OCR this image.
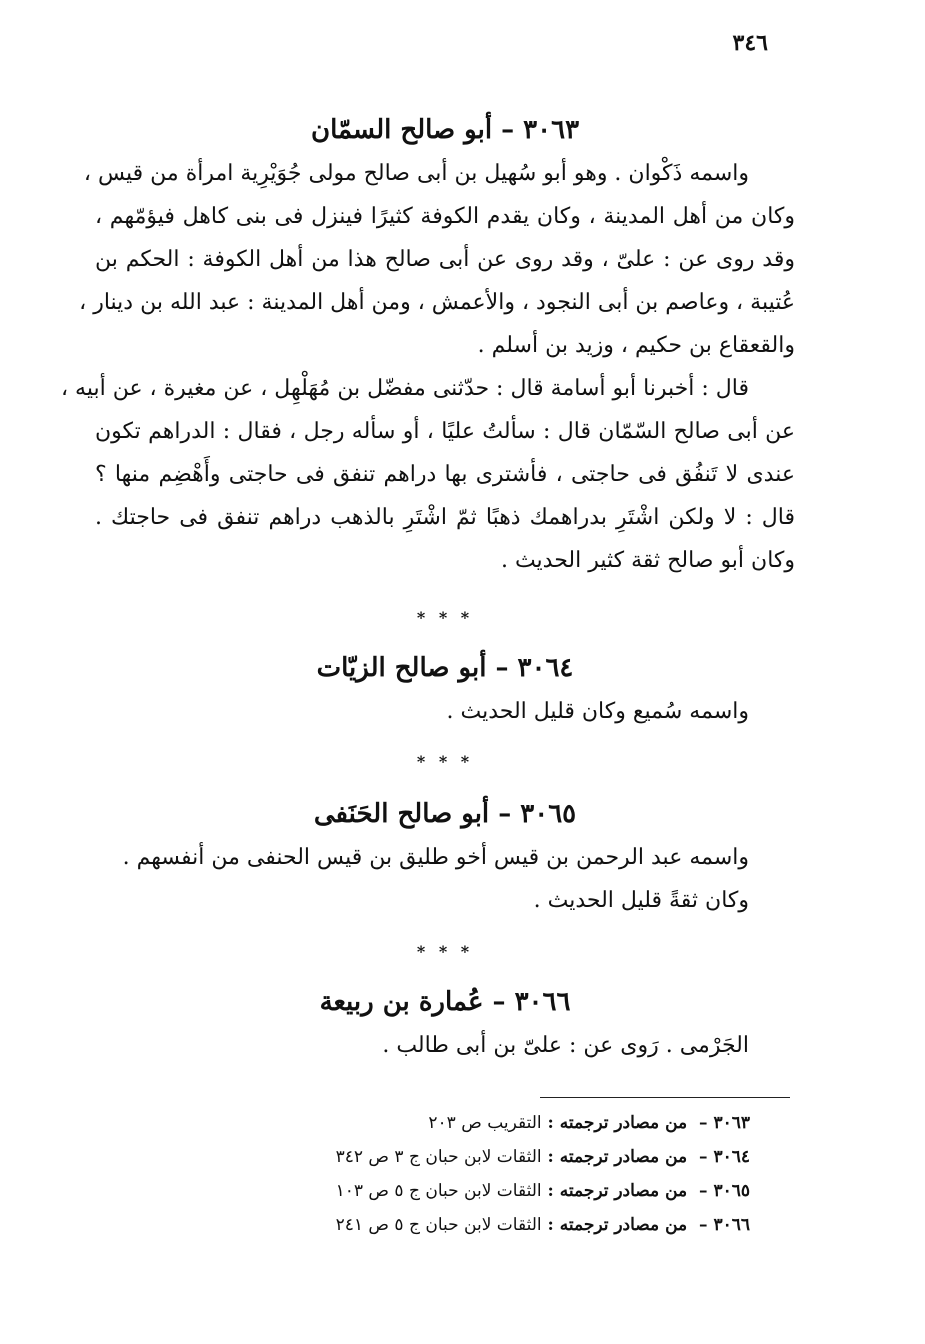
٣٤٦
٣٠٦٣ – أبو صالح السمّان
واسمه ذَكْوان . وهو أبو سُهيل بن أبى صالح مولى جُوَيْرِية امرأة من قيس ،
وكان من أهل المدينة ، وكان يقدم الكوفة كثيرًا فينزل فى بنى كاهل فيؤمّهم ،
وقد روى عن : علىّ ، وقد روى عن أبى صالح هذا من أهل الكوفة : الحكم بن
عُتيبة ، وعاصم بن أبى النجود ، والأعمش ، ومن أهل المدينة : عبد الله بن دينار ،
والقعقاع بن حكيم ، وزيد بن أسلم .
قال : أخبرنا أبو أسامة قال : حدّثنى مفضّل بن مُهَلْهِل ، عن مغيرة ، عن أبيه ،
عن أبى صالح السّمّان قال : سألتُ عليًا ، أو سأله رجل ، فقال : الدراهم تكون
عندى لا تَنفُق فى حاجتى ، فأشترى بها دراهم تنفق فى حاجتى وأَهْضِم منها ؟
قال : لا ولكن اشْتَرِ بدراهمك ذهبًا ثمّ اشْتَرِ بالذهب دراهم تنفق فى حاجتك .
وكان أبو صالح ثقة كثير الحديث .
* * *
٣٠٦٤ – أبو صالح الزيّات
واسمه سُميع وكان قليل الحديث .
* * *
٣٠٦٥ – أبو صالح الحَنَفى
واسمه عبد الرحمن بن قيس أخو طليق بن قيس الحنفى من أنفسهم .
وكان ثقةً قليل الحديث .
* * *
٣٠٦٦ – عُمارة بن ربيعة
الجَرْمى . رَوى عن : علىّ بن أبى طالب .
٣٠٦٣ – من مصادر ترجمته : التقريب ص ٢٠٣
٣٠٦٤ – من مصادر ترجمته : الثقات لابن حبان ج ٣ ص ٣٤٢
٣٠٦٥ – من مصادر ترجمته : الثقات لابن حبان ج ٥ ص ١٠٣
٣٠٦٦ – من مصادر ترجمته : الثقات لابن حبان ج ٥ ص ٢٤١
